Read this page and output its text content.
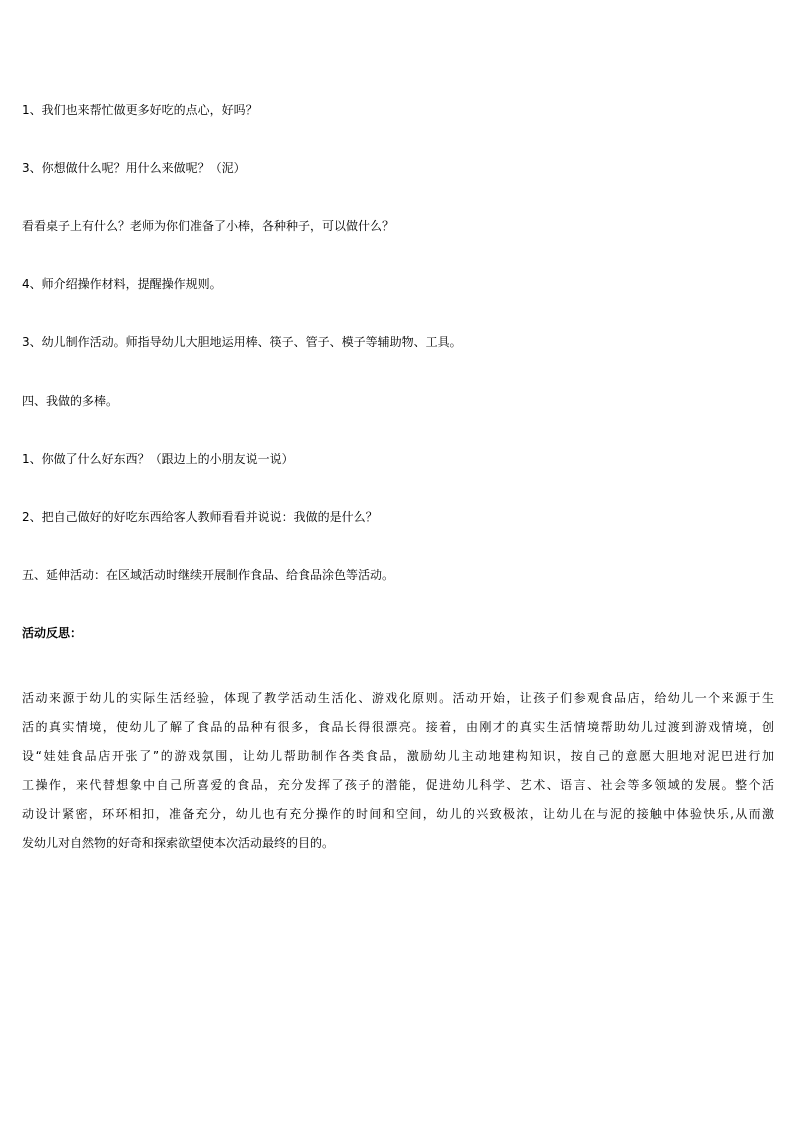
1、我们也来帮忙做更多好吃的点心，好吗？

3、你想做什么呢？用什么来做呢？（泥）

看看桌子上有什么？老师为你们准备了小棒，各种种子，可以做什么？

4、师介绍操作材料，提醒操作规则。

3、幼儿制作活动。师指导幼儿大胆地运用棒、筷子、管子、模子等辅助物、工具。

四、我做的多棒。

1、你做了什么好东西？（跟边上的小朋友说一说）

2、把自己做好的好吃东西给客人教师看看并说说：我做的是什么？

五、延伸活动：在区域活动时继续开展制作食品、给食品涂色等活动。

活动反思：

活动来源于幼儿的实际生活经验，体现了教学活动生活化、游戏化原则。活动开始，让孩子们参观食品店，给幼儿一个来源于生
活的真实情境，使幼儿了解了食品的品种有很多，食品长得很漂亮。接着，由刚才的真实生活情境帮助幼儿过渡到游戏情境，创
设“娃娃食品店开张了”的游戏氛围，让幼儿帮助制作各类食品，激励幼儿主动地建构知识，按自己的意愿大胆地对泥巴进行加
工操作，来代替想象中自己所喜爱的食品，充分发挥了孩子的潜能，促进幼儿科学、艺术、语言、社会等多领域的发展。整个活
动设计紧密，环环相扣，准备充分，幼儿也有充分操作的时间和空间，幼儿的兴致极浓，让幼儿在与泥的接触中体验快乐,从而激
发幼儿对自然物的好奇和探索欲望使本次活动最终的目的。
